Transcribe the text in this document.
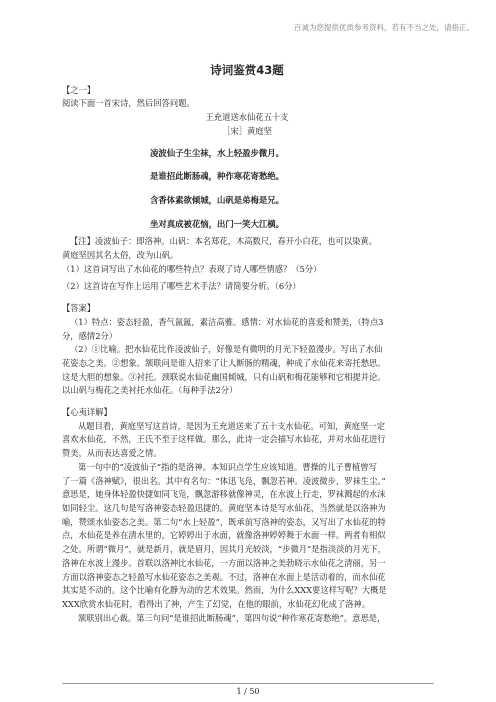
百诚为您提供优质参考资料，若有不当之处，请指正。
诗词鉴赏43题

【之一】

阅读下面一首宋诗，然后回答问题。

王充道送水仙花五十支

［宋］黄庭坚

凌波仙子生尘袜，水上轻盈步微月。

是谁招此断肠魂，种作寒花寄愁绝。

含香体素欲倾城，山矾是弟梅是兄。

坐对真成被花恼，出门一笑大江横。

【注】凌波仙子：即洛神。山矾：本名郑花，木高数尺，春开小白花，也可以染黄。

黄庭坚因其名太俗，改为山矾。

（1）这首词写出了水仙花的哪些特点？表现了诗人哪些情感？（5分）

（2）这首诗在写作上运用了哪些艺术手法？请简要分析。（6分）

【答案】

（1）特点：姿态轻盈，香气氤氲，素洁高雅。感情：对水仙花的喜爱和赞美，（特点3

分，感情2分）

（2）①比喻。把水仙花比作凌波仙子，好像是有微明的月光下轻盈漫步。写出了水仙

花姿态之美。②想象。颔联问是谁人招来了让人断肠的精魂，种成了水仙花来寄托愁思。

这是大胆的想象。③衬托。颈联说水仙花幽国倾城，只有山矾和梅花能够和它相提并论。

以山矾与梅花之美衬托水仙花。（每种手法2分）

【心夷详解】

从题目看，黄庭坚写这首诗，是因为王充道送来了五十支水仙花。可知，黄庭坚一定

喜欢水仙花，不然，王氏不至于这样做。那么，此诗一定会描写水仙花，并对水仙花进行

赞美，从而表达喜爱之情。

第一句中的“凌波仙子”指的是洛神。本知识点学生应该知道。曹操的儿子曹植曾写

了一篇《洛神赋》，很出名。其中有名句：“体迅飞凫，飘忽若神。凌波微步，罗袜生尘。”

意思是，她身体轻盈快捷如同飞凫，飘忽游移就像神灵，在水波上行走，罗袜溅起的水沫

如同轻尘。这几句是写洛神姿态轻盈迅捷的。黄庭坚本诗是写水仙花，当然就是以洛神为

喻，赞颂水仙姿态之美。第二句“水上轻盈”，既承前写洛神的姿态，又写出了水仙花的特

点，水仙花是养在清水里的，它婷婷出于水面，就像洛神婷婷舞于水面一样。两者有相似

之处。所谓“微月”，就是新月，就是眉月，因其月光较淡，“步微月”是指淡淡的月光下，

洛神在水波上漫步。首联以洛神比水仙花，一方面以洛神之美勃晓示水仙花之清丽，另一

方面以洛神姿态之轻盈写水仙花姿态之美观。不过，洛神在水面上是活动着的，而水仙花

其实是不动的。这个比喻有化静为动的艺术效果。然而，为什么XXX要这样写呢？大概是

XXX欣赏水仙花时，看得出了神，产生了幻觉，在他的眼前，水仙花幻化成了洛神。

颔联别出心裁。第三句问“是谁招此断肠魂”，第四句说“种作寒花寄愁绝”。意思是，

1 / 50
